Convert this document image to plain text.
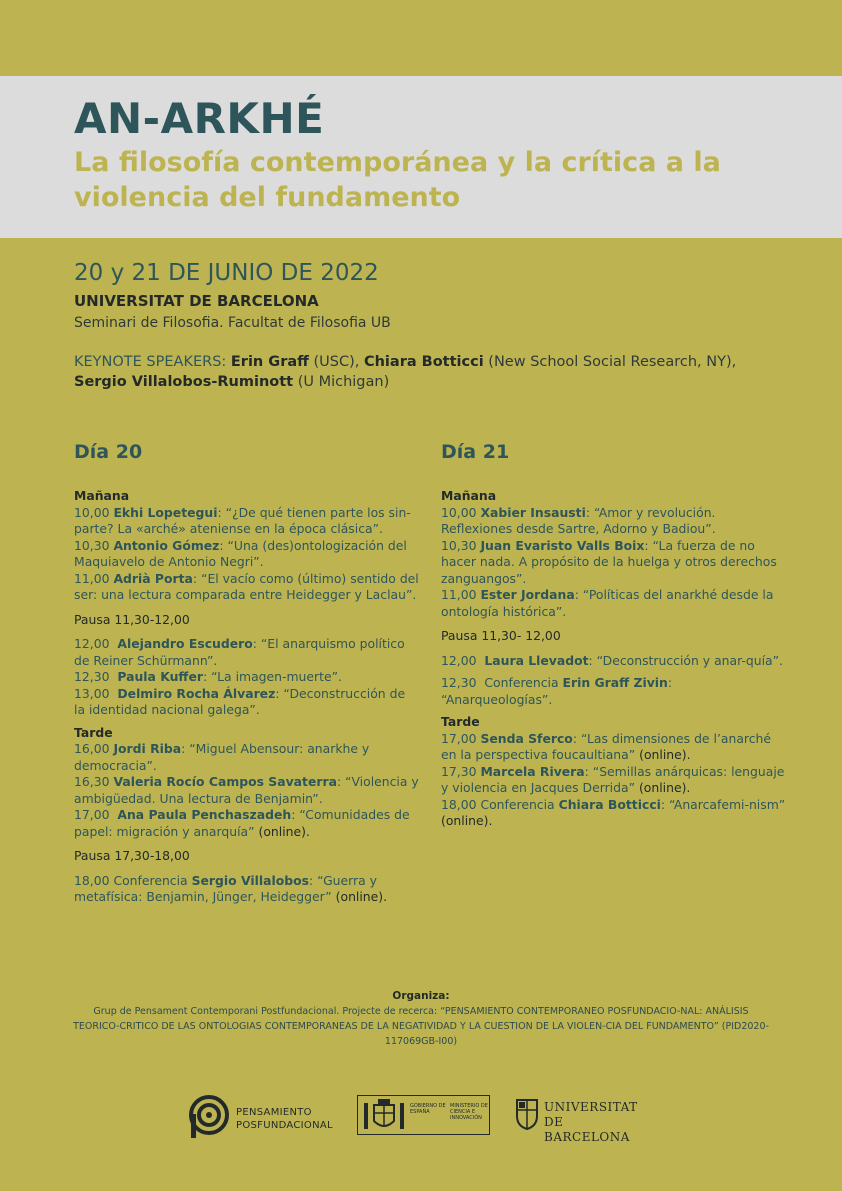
AN-ARKHÉ
La filosofía contemporánea y la crítica a la violencia del fundamento
20 y 21 DE JUNIO DE 2022
UNIVERSITAT DE BARCELONA
Seminari de Filosofia. Facultat de Filosofia UB
KEYNOTE SPEAKERS: Erin Graff (USC), Chiara Botticci (New School Social Research, NY),
Sergio Villalobos-Ruminott (U Michigan)
Día 20
Mañana
10,00 Ekhi Lopetegui: “¿De qué tienen parte los sin-parte? La «arché» ateniense en la época clásica”.
10,30 Antonio Gómez: “Una (des)ontologización del Maquiavelo de Antonio Negri”.
11,00 Adrià Porta: “El vacío como (último) sentido del ser: una lectura comparada entre Heidegger y Laclau”.
Pausa 11,30-12,00
12,00 Alejandro Escudero: “El anarquismo político de Reiner Schürmann”.
12,30 Paula Kuffer: “La imagen-muerte”.
13,00 Delmiro Rocha Álvarez: “Deconstrucción de la identidad nacional galega”.
Tarde
16,00 Jordi Riba: “Miguel Abensour: anarkhe y democracia”.
16,30 Valeria Rocío Campos Savaterra: “Violencia y ambigüedad. Una lectura de Benjamin”.
17,00 Ana Paula Penchaszadeh: “Comunidades de papel: migración y anarquía” (online).
Pausa 17,30-18,00
18,00 Conferencia Sergio Villalobos: “Guerra y metafísica: Benjamin, Jünger, Heidegger” (online).
Día 21
Mañana
10,00 Xabier Insausti: “Amor y revolución. Reflexiones desde Sartre, Adorno y Badiou”.
10,30 Juan Evaristo Valls Boix: “La fuerza de no hacer nada. A propósito de la huelga y otros derechos zanguangos”.
11,00 Ester Jordana: “Políticas del anarkhé desde la ontología histórica”.
Pausa 11,30- 12,00
12,00 Laura Llevadot: “Deconstrucción y anar-quía”.
12,30 Conferencia Erin Graff Zivin: “Anarqueologías”.
Tarde
17,00 Senda Sferco: “Las dimensiones de l’anarché en la perspectiva foucaultiana” (online).
17,30 Marcela Rivera: “Semillas anárquicas: lenguaje y violencia en Jacques Derrida” (online).
18,00 Conferencia Chiara Botticci: “Anarcafemi-nism” (online).
Organiza:
Grup de Pensament Contemporani Postfundacional. Projecte de recerca: “PENSAMIENTO CONTEMPORANEO POSFUNDACIO-NAL: ANÁLISIS TEORICO-CRITICO DE LAS ONTOLOGIAS CONTEMPORANEAS DE LA NEGATIVIDAD Y LA CUESTION DE LA VIOLEN-CIA DEL FUNDAMENTO” (PID2020-117069GB-I00)
PENSAMIENTO
POSFUNDACIONAL
GOBIERNO DE ESPAÑA
MINISTERIO DE CIENCIA E INNOVACIÓN
UNIVERSITAT DE
BARCELONA
